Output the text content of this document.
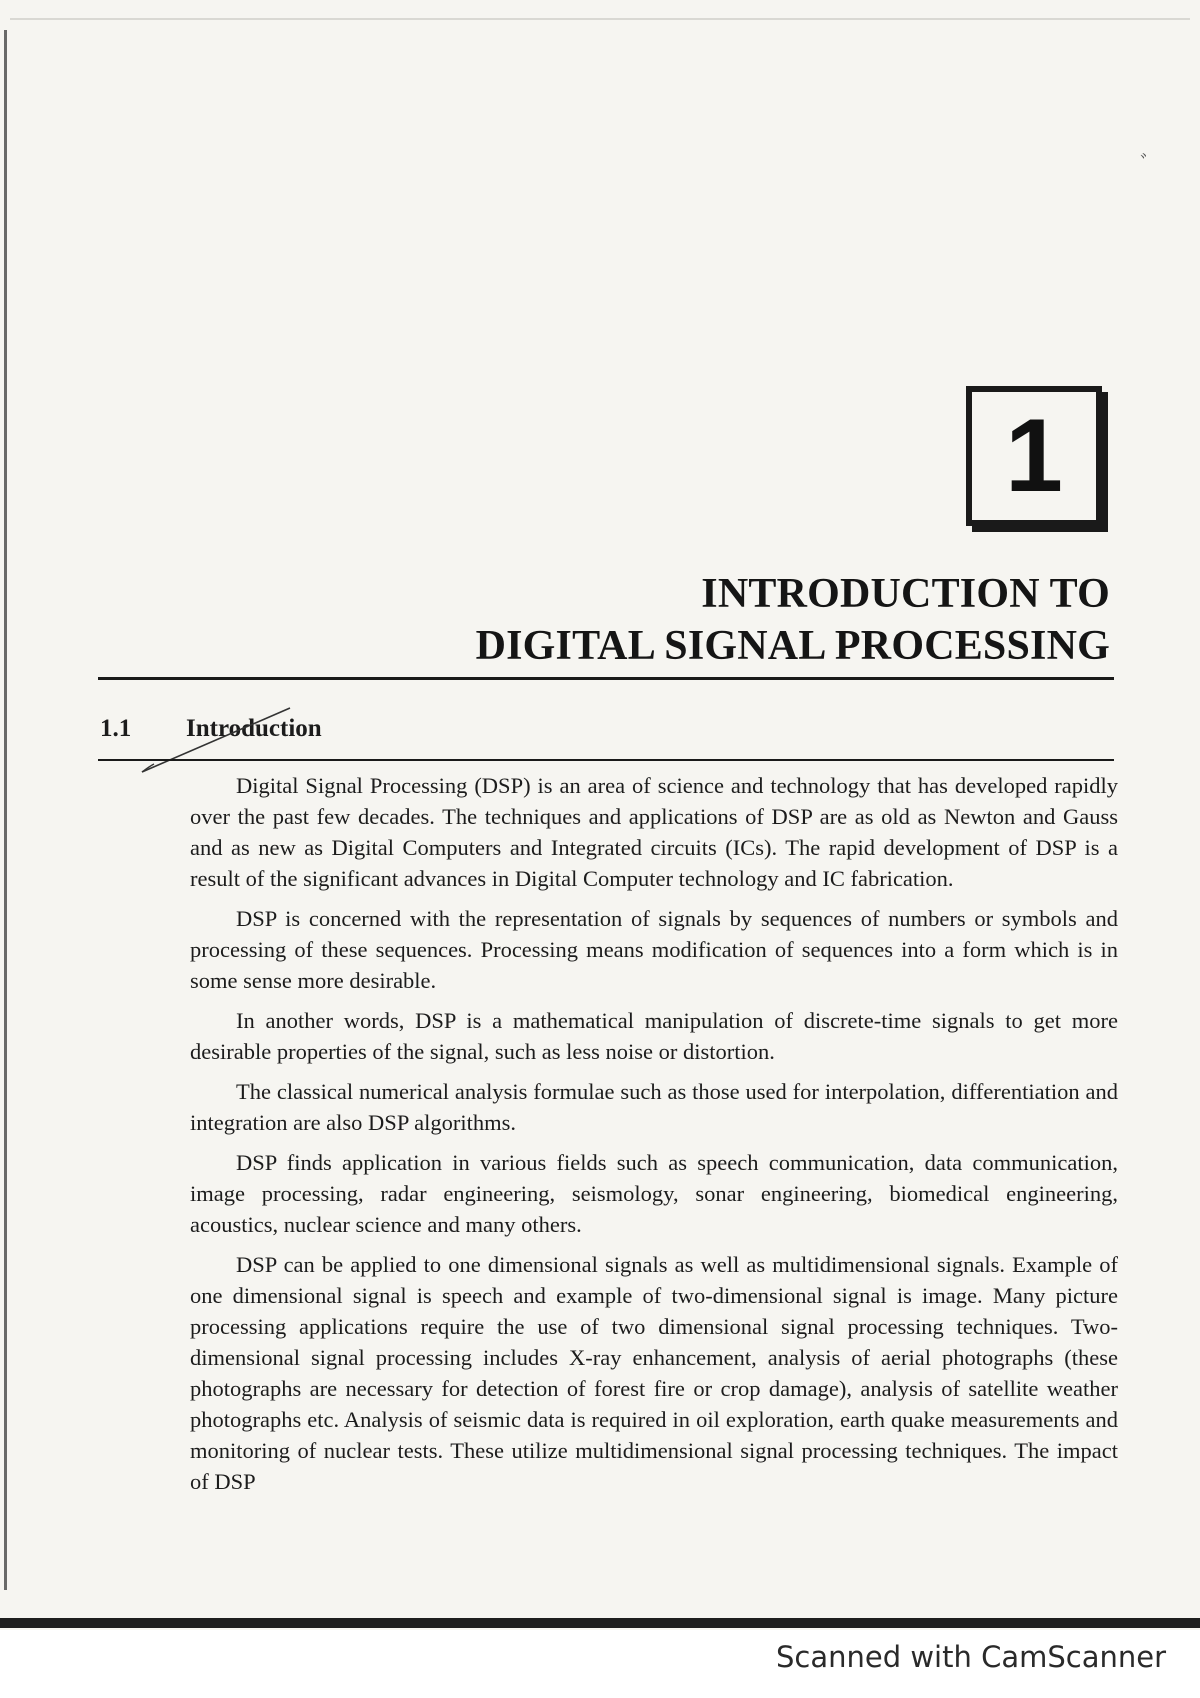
ﾞ
1
INTRODUCTION TO
DIGITAL SIGNAL PROCESSING
1.1 Introduction

Digital Signal Processing (DSP) is an area of science and technology that has developed rapidly over the past few decades. The techniques and applications of DSP are as old as Newton and Gauss and as new as Digital Computers and Integrated circuits (ICs). The rapid development of DSP is a result of the significant advances in Digital Computer technology and IC fabrication.

DSP is concerned with the representation of signals by sequences of numbers or symbols and processing of these sequences. Processing means modification of sequences into a form which is in some sense more desirable.

In another words, DSP is a mathematical manipulation of discrete-time signals to get more desirable properties of the signal, such as less noise or distortion.

The classical numerical analysis formulae such as those used for interpolation, differentiation and integration are also DSP algorithms.

DSP finds application in various fields such as speech communication, data communication, image processing, radar engineering, seismology, sonar engineering, biomedical engineering, acoustics, nuclear science and many others.

DSP can be applied to one dimensional signals as well as multidimensional signals. Example of one dimensional signal is speech and example of two-dimensional signal is image. Many picture processing applications require the use of two dimensional signal processing techniques. Two-dimensional signal processing includes X-ray enhancement, analysis of aerial photographs (these photographs are necessary for detection of forest fire or crop damage), analysis of satellite weather photographs etc. Analysis of seismic data is required in oil exploration, earth quake measurements and monitoring of nuclear tests. These utilize multidimensional signal processing techniques. The impact of DSP

Scanned with CamScanner
